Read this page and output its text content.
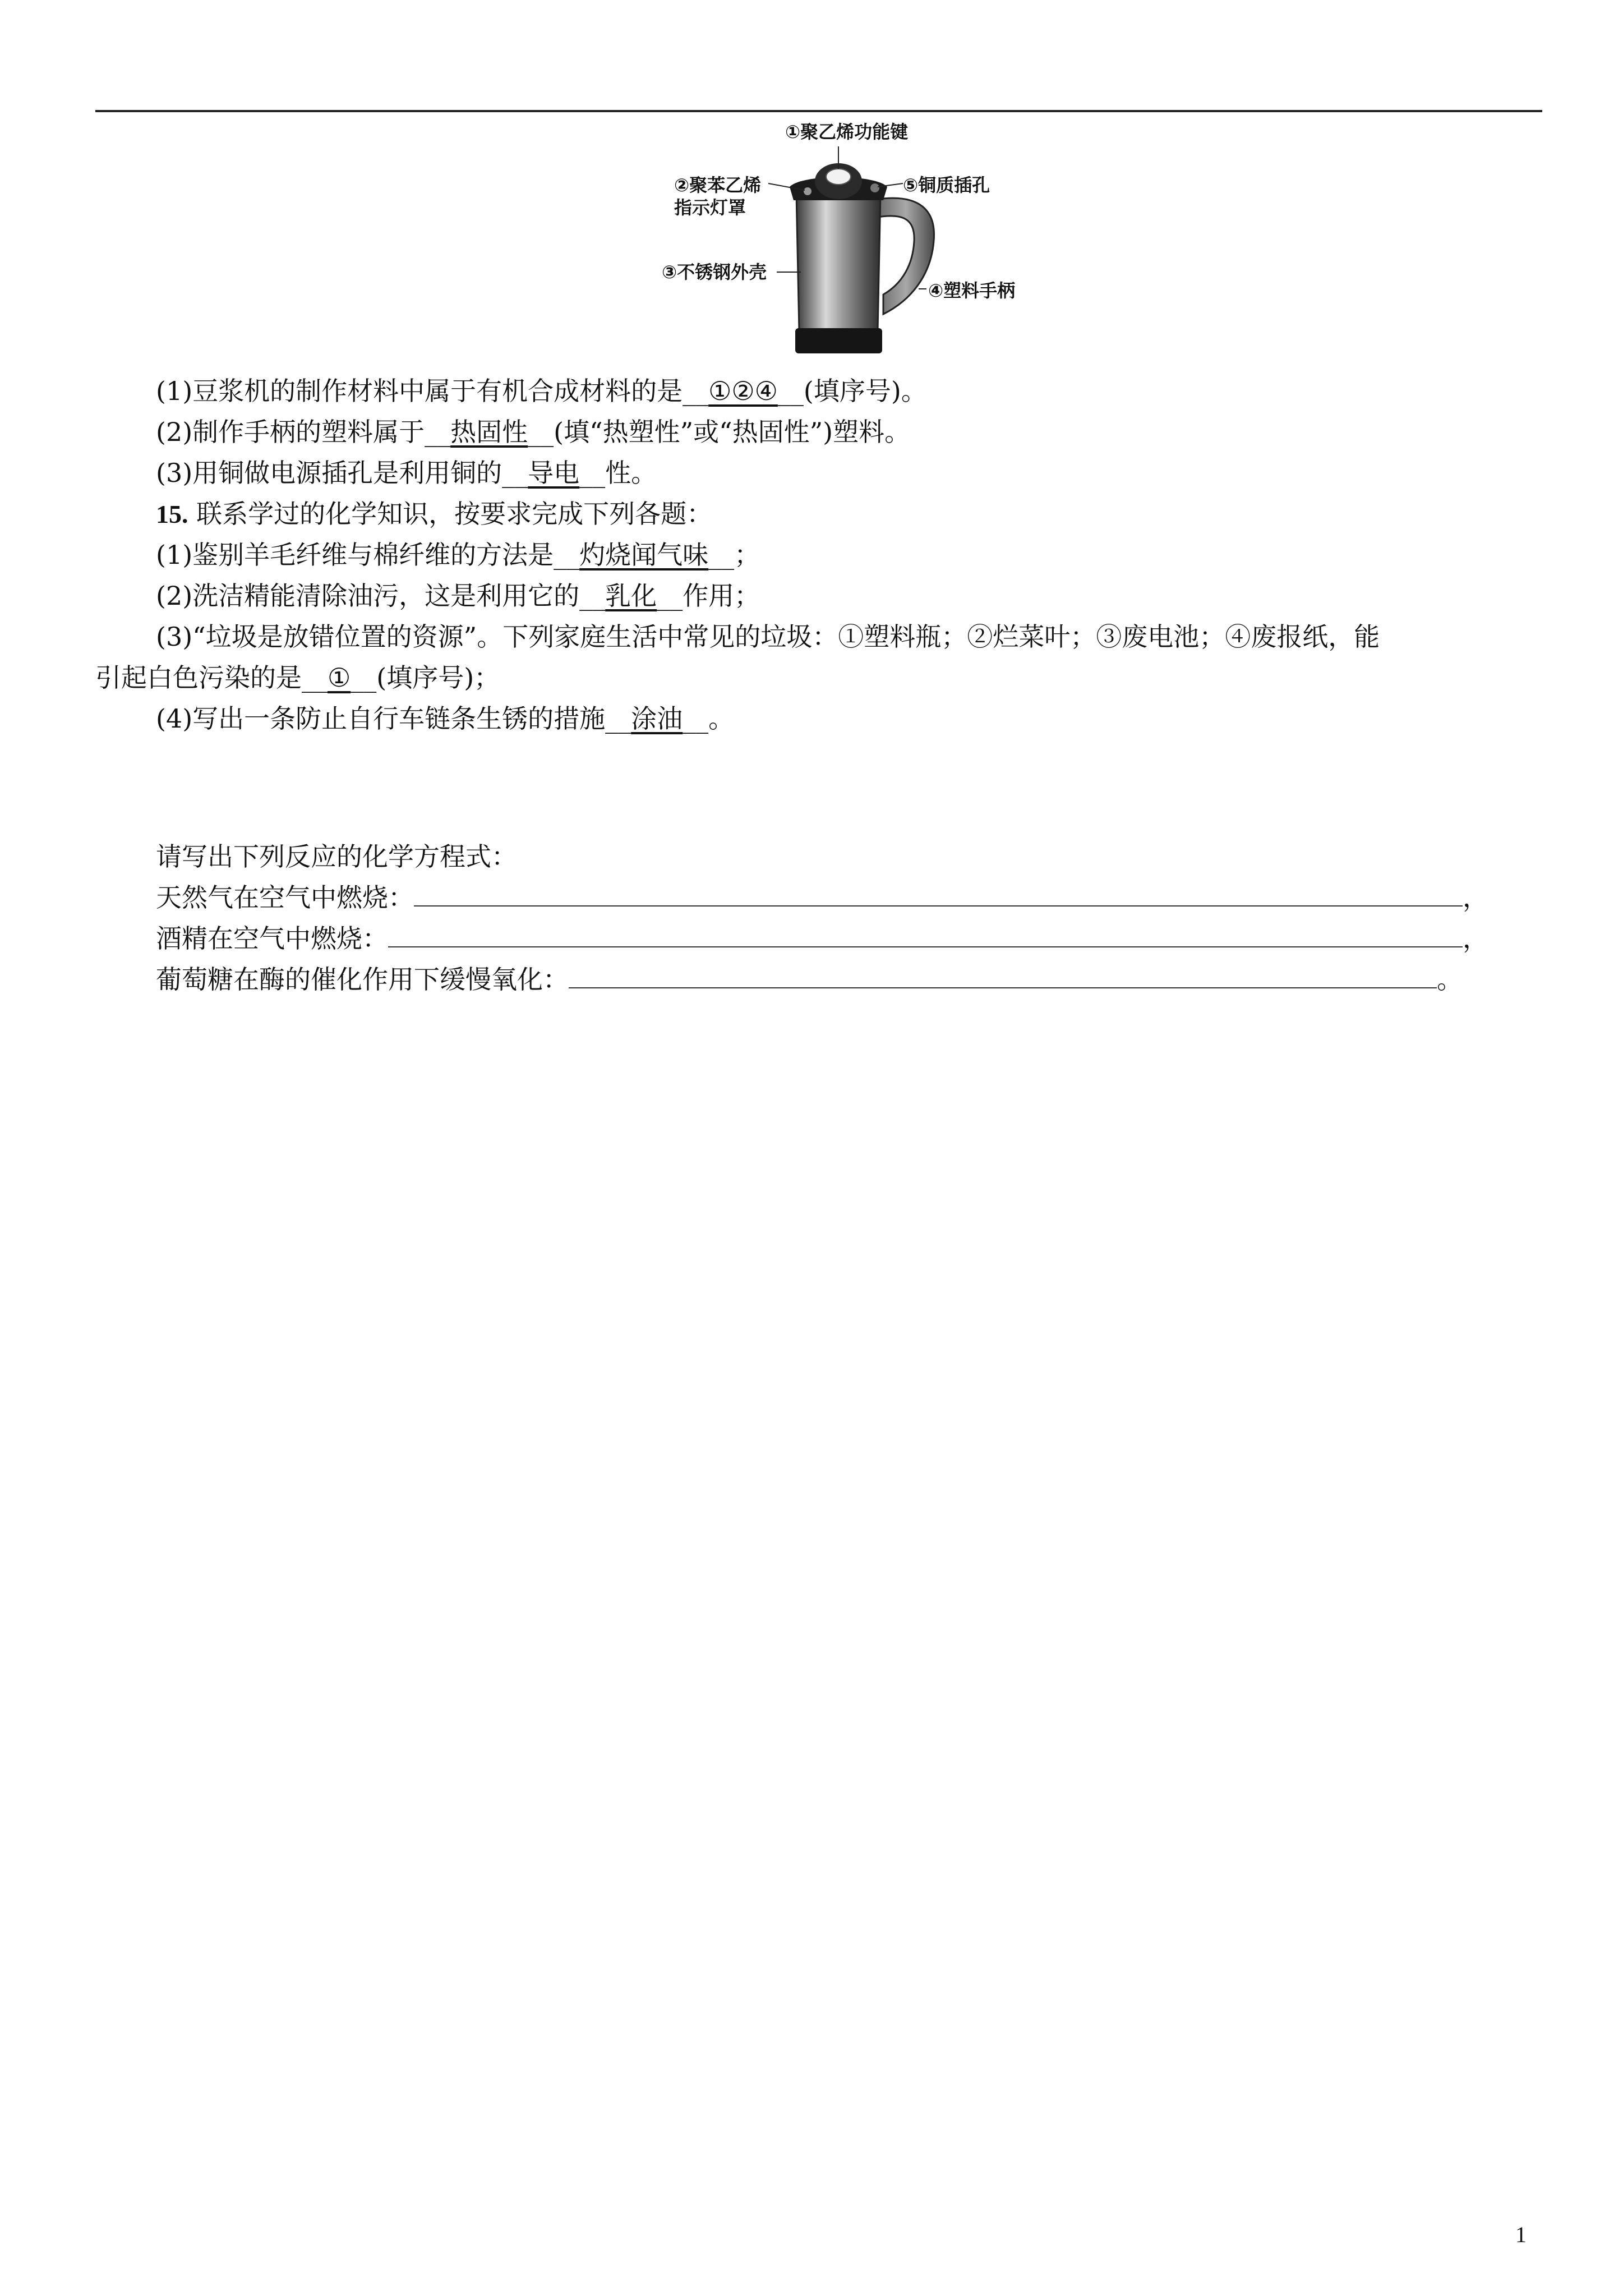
①聚乙烯功能键
②聚苯乙烯
指示灯罩
⑤铜质插孔
③不锈钢外壳
④塑料手柄
(1)豆浆机的制作材料中属于有机合成材料的是__①②④__(填序号)。
(2)制作手柄的塑料属于__热固性__(填“热塑性”或“热固性”)塑料。
(3)用铜做电源插孔是利用铜的__导电__性。
15. 联系学过的化学知识，按要求完成下列各题：
(1)鉴别羊毛纤维与棉纤维的方法是__灼烧闻气味__；
(2)洗洁精能清除油污，这是利用它的__乳化__作用；
(3)“垃圾是放错位置的资源”。下列家庭生活中常见的垃圾：①塑料瓶；②烂菜叶；③废电池；④废报纸，能
引起白色污染的是__①__(填序号)；
(4)写出一条防止自行车链条生锈的措施__涂油__。
请写出下列反应的化学方程式：
天然气在空气中燃烧：	，
酒精在空气中燃烧：	，
葡萄糖在酶的催化作用下缓慢氧化：	。
1
